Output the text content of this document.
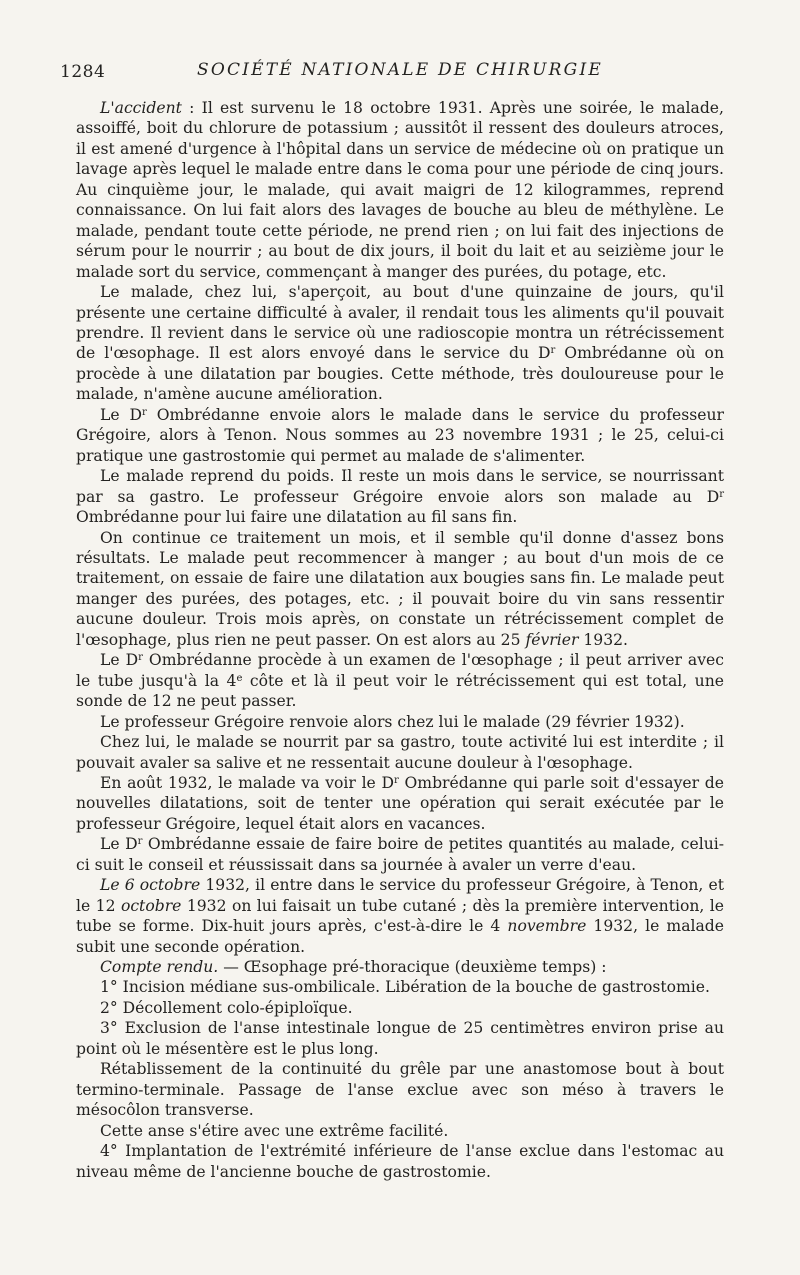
1284	SOCIÉTÉ NATIONALE DE CHIRURGIE

L'accident : Il est survenu le 18 octobre 1931. Après une soirée, le malade, assoiffé, boit du chlorure de potassium ; aussitôt il ressent des douleurs atroces, il est amené d'urgence à l'hôpital dans un service de médecine où on pratique un lavage après lequel le malade entre dans le coma pour une période de cinq jours. Au cinquième jour, le malade, qui avait maigri de 12 kilogrammes, reprend connaissance. On lui fait alors des lavages de bouche au bleu de méthylène. Le malade, pendant toute cette période, ne prend rien ; on lui fait des injections de sérum pour le nourrir ; au bout de dix jours, il boit du lait et au seizième jour le malade sort du service, commençant à manger des purées, du potage, etc.

Le malade, chez lui, s'aperçoit, au bout d'une quinzaine de jours, qu'il présente une certaine difficulté à avaler, il rendait tous les aliments qu'il pouvait prendre. Il revient dans le service où une radioscopie montra un rétrécissement de l'œsophage. Il est alors envoyé dans le service du $D^r$ Ombrédanne où on procède à une dilatation par bougies. Cette méthode, très douloureuse pour le malade, n'amène aucune amélioration.

Le $D^r$ Ombrédanne envoie alors le malade dans le service du professeur Grégoire, alors à Tenon. Nous sommes au 23 novembre 1931 ; le 25, celui-ci pratique une gastrostomie qui permet au malade de s'alimenter.

Le malade reprend du poids. Il reste un mois dans le service, se nourrissant par sa gastro. Le professeur Grégoire envoie alors son malade au $D^r$ Ombrédanne pour lui faire une dilatation au fil sans fin.

On continue ce traitement un mois, et il semble qu'il donne d'assez bons résultats. Le malade peut recommencer à manger ; au bout d'un mois de ce traitement, on essaie de faire une dilatation aux bougies sans fin. Le malade peut manger des purées, des potages, etc. ; il pouvait boire du vin sans ressentir aucune douleur. Trois mois après, on constate un rétrécissement complet de l'œsophage, plus rien ne peut passer. On est alors au 25 février 1932.

Le $D^r$ Ombrédanne procède à un examen de l'œsophage ; il peut arriver avec le tube jusqu'à la 4e côte et là il peut voir le rétrécissement qui est total, une sonde de 12 ne peut passer.

Le professeur Grégoire renvoie alors chez lui le malade (29 février 1932).

Chez lui, le malade se nourrit par sa gastro, toute activité lui est interdite ; il pouvait avaler sa salive et ne ressentait aucune douleur à l'œsophage.

En août 1932, le malade va voir le $D^r$ Ombrédanne qui parle soit d'essayer de nouvelles dilatations, soit de tenter une opération qui serait exécutée par le professeur Grégoire, lequel était alors en vacances.

Le $D^r$ Ombrédanne essaie de faire boire de petites quantités au malade, celui-ci suit le conseil et réussissait dans sa journée à avaler un verre d'eau.

Le 6 octobre 1932, il entre dans le service du professeur Grégoire, à Tenon, et le 12 octobre 1932 on lui faisait un tube cutané ; dès la première intervention, le tube se forme. Dix-huit jours après, c'est-à-dire le 4 novembre 1932, le malade subit une seconde opération.

Compte rendu. — Œsophage pré-thoracique (deuxième temps) :

1° Incision médiane sus-ombilicale. Libération de la bouche de gastrostomie.

2° Décollement colo-épiploïque.

3° Exclusion de l'anse intestinale longue de 25 centimètres environ prise au point où le mésentère est le plus long.

Rétablissement de la continuité du grêle par une anastomose bout à bout termino-terminale. Passage de l'anse exclue avec son méso à travers le mésocôlon transverse.

Cette anse s'étire avec une extrême facilité.

4° Implantation de l'extrémité inférieure de l'anse exclue dans l'estomac au niveau même de l'ancienne bouche de gastrostomie.
